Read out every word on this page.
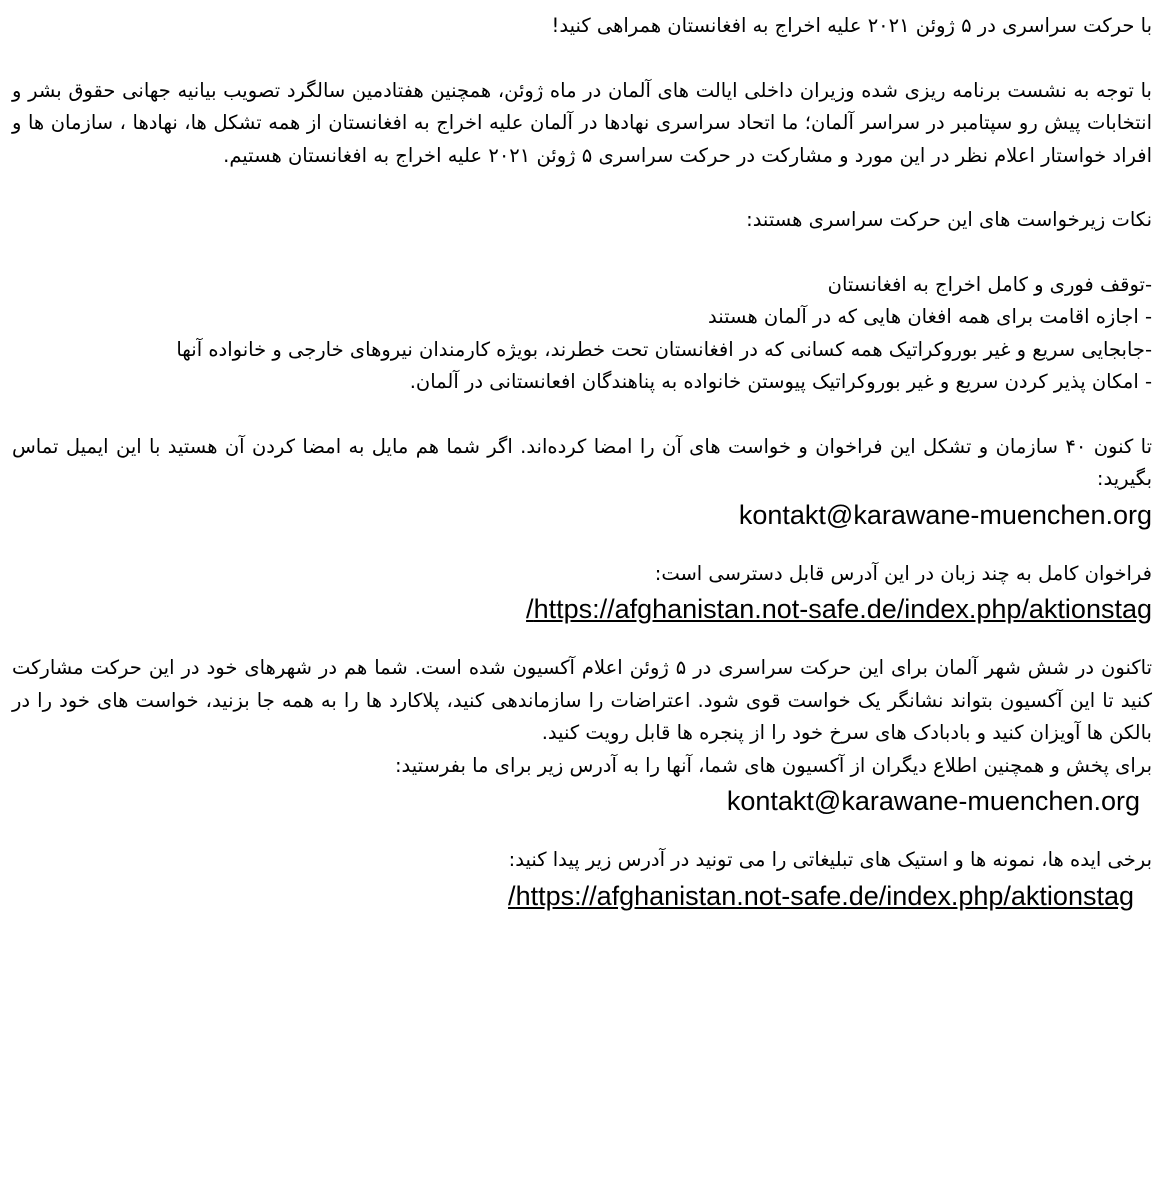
با حرکت سراسری در ۵ ژوئن ۲۰۲۱ علیه اخراج به افغانستان همراهی کنید!

با توجه به نشست برنامه ریزی شده وزیران داخلی ایالت های آلمان در ماه ژوئن، همچنین هفتادمین سالگرد تصویب بیانیه جهانی حقوق بشر و انتخابات پیش رو سپتامبر در سراسر آلمان؛ ما اتحاد سراسری نهادها در آلمان علیه اخراج به افغانستان از همه تشکل ها، نهادها ، سازمان ها و افراد خواستار اعلام نظر در این مورد و مشارکت در حرکت سراسری ۵ ژوئن ۲۰۲۱ علیه اخراج به افغانستان هستیم.

نکات زیرخواست های این حرکت سراسری هستند:

-توقف فوری و کامل اخراج به افغانستان

- اجازه اقامت برای همه افغان هایی که در آلمان هستند

-جابجایی سریع و غیر بوروکراتیک همه کسانی که در افغانستان تحت خطرند، بویژه کارمندان نیروهای خارجی و خانواده آنها

- امکان پذیر کردن سریع و غیر بوروکراتیک پیوستن خانواده به پناهندگان افعانستانی در آلمان.

تا کنون ۴۰ سازمان و تشکل این فراخوان و خواست های آن را امضا کرده‌اند. اگر شما هم مایل به امضا کردن آن هستید با این ایمیل تماس بگیرید:

kontakt@karawane-muenchen.org

فراخوان کامل به چند زبان در این آدرس قابل دسترسی است:

https://afghanistan.not-safe.de/index.php/aktionstag/

تاکنون در شش شهر آلمان برای این حرکت سراسری در ۵ ژوئن اعلام آکسیون شده است. شما هم در شهرهای خود در این حرکت مشارکت کنید تا این آکسیون بتواند نشانگر یک خواست قوی شود. اعتراضات را سازماندهی کنید، پلاکارد ها را به همه جا بزنید، خواست های خود را در بالکن ها آویزان کنید و بادبادک های سرخ خود را از پنجره ها قابل رویت کنید.

برای پخش و همچنین اطلاع دیگران از آکسیون های شما، آنها را به آدرس زیر برای ما بفرستید:

kontakt@karawane-muenchen.org

برخی ایده ها، نمونه ها و استیک های تبلیغاتی را می تونید در آدرس زیر پیدا کنید:

https://afghanistan.not-safe.de/index.php/aktionstag/
